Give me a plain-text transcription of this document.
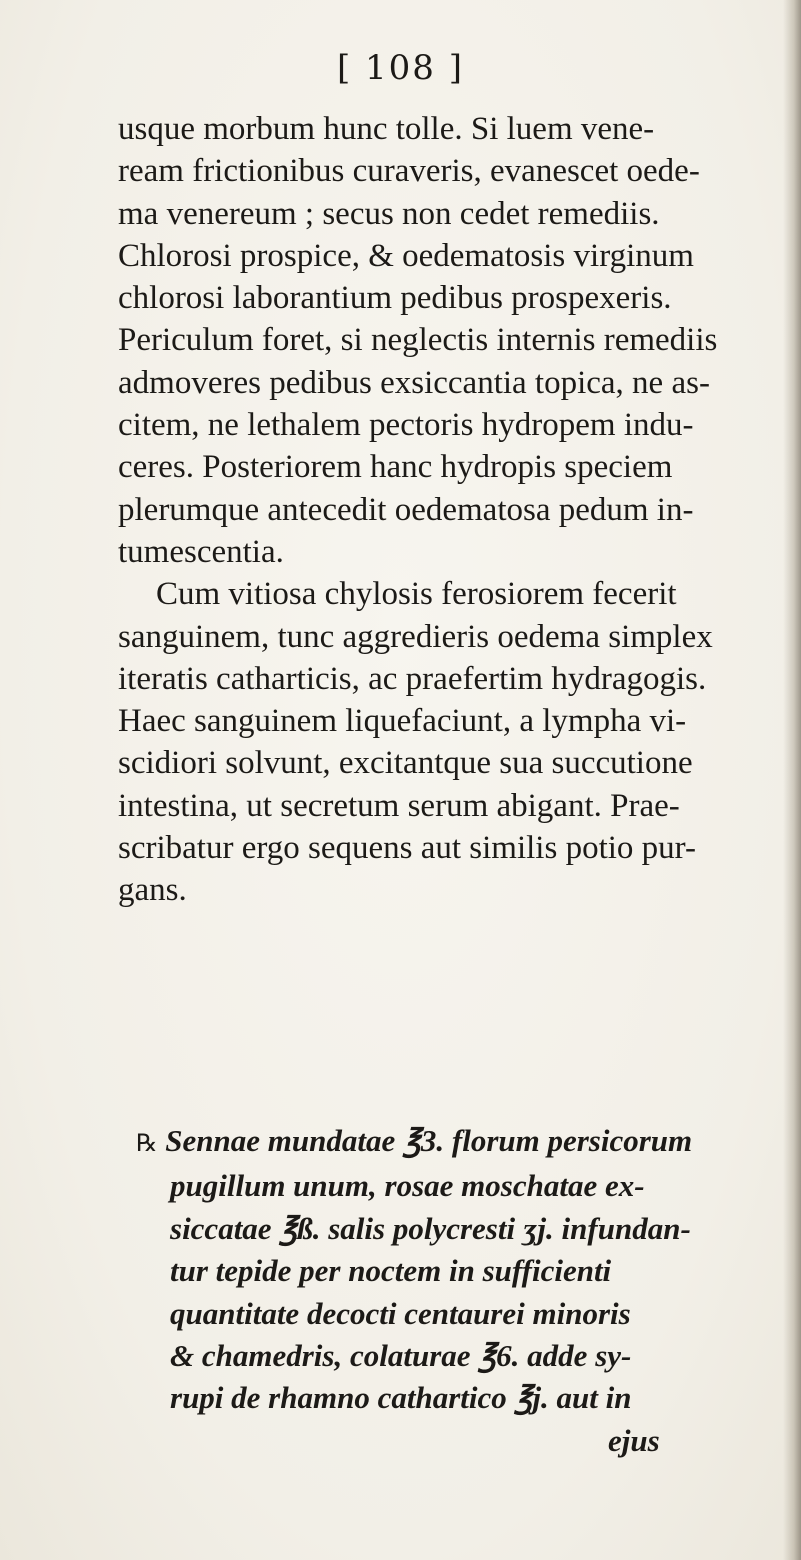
[ 108 ]
usque morbum hunc tolle. Si luem vene-
ream frictionibus curaveris, evanescet oede-
ma venereum ; secus non cedet remediis.
Chlorosi prospice, & oedematosis virginum
chlorosi laborantium pedibus prospexeris.
Periculum foret, si neglectis internis remediis
admoveres pedibus exsiccantia topica, ne as-
citem, ne lethalem pectoris hydropem indu-
ceres. Posteriorem hanc hydropis speciem
plerumque antecedit oedematosa pedum in-
tumescentia.
Cum vitiosa chylosis ferosiorem fecerit
sanguinem, tunc aggredieris oedema simplex
iteratis catharticis, ac praefertim hydragogis.
Haec sanguinem liquefaciunt, a lympha vi-
scidiori solvunt, excitantque sua succutione
intestina, ut secretum serum abigant. Prae-
scribatur ergo sequens aut similis potio pur-
gans.
℞ Sennae mundatae ℥3. florum persicorum
pugillum unum, rosae moschatae ex-
siccatae ℥ß. salis polycresti ʒj. infundan-
tur tepide per noctem in sufficienti
quantitate decocti centaurei minoris
& chamedris, colaturae ℥6. adde sy-
rupi de rhamno cathartico ℥j. aut in
ejus
